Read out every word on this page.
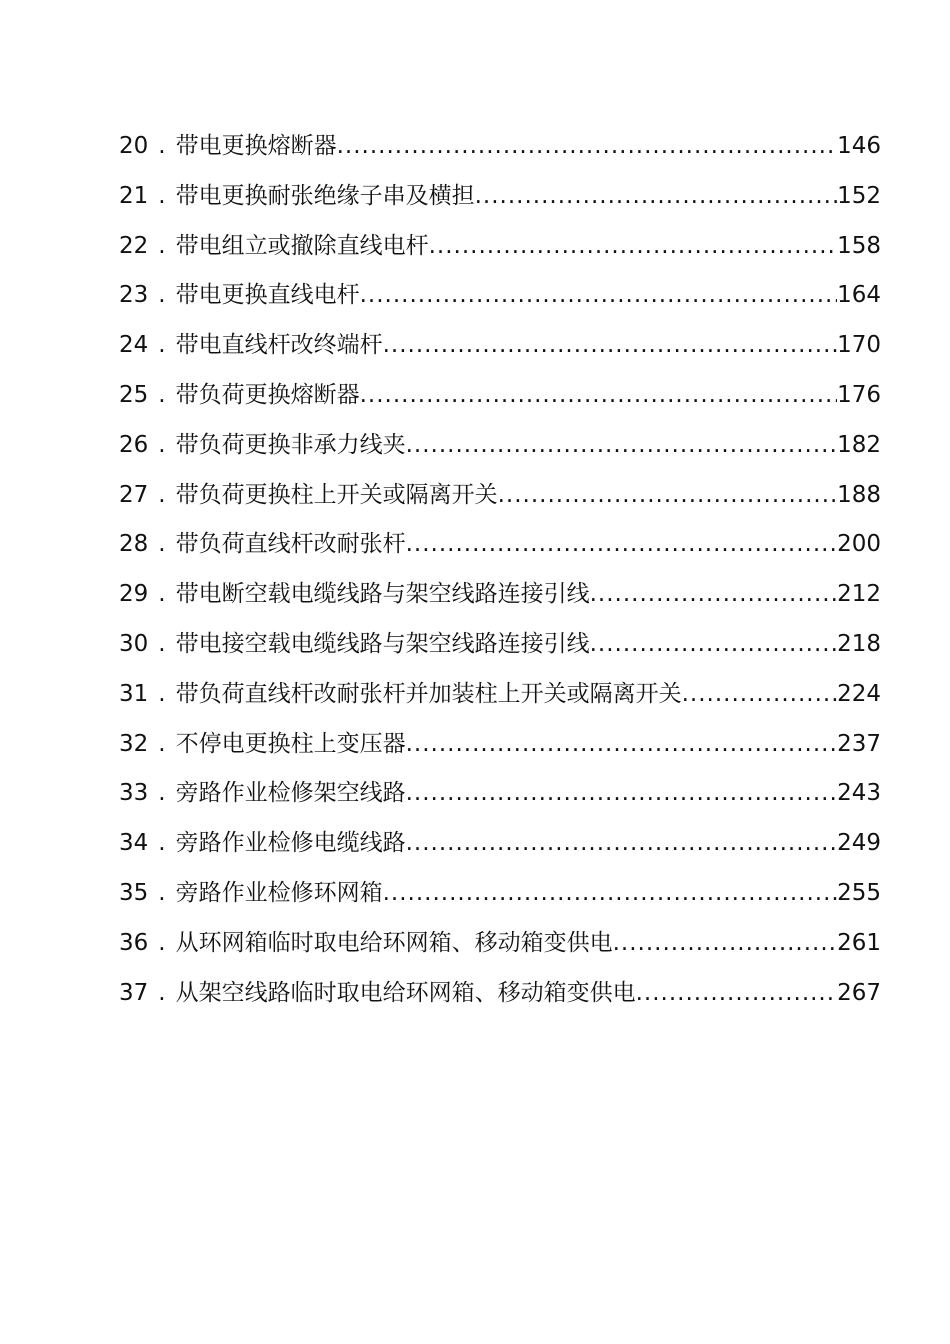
20 . 带电更换熔断器 .....	146
21 . 带电更换耐张绝缘子串及横担 .....	152
22 . 带电组立或撤除直线电杆 .....	158
23 . 带电更换直线电杆 .....	164
24 . 带电直线杆改终端杆 .....	170
25 . 带负荷更换熔断器 .....	176
26 . 带负荷更换非承力线夹 .....	182
27 . 带负荷更换柱上开关或隔离开关 .....	188
28 . 带负荷直线杆改耐张杆 .....	200
29 . 带电断空载电缆线路与架空线路连接引线 .....	212
30 . 带电接空载电缆线路与架空线路连接引线 .....	218
31 . 带负荷直线杆改耐张杆并加装柱上开关或隔离开关 .....	224
32 . 不停电更换柱上变压器 .....	237
33 . 旁路作业检修架空线路 .....	243
34 . 旁路作业检修电缆线路 .....	249
35 . 旁路作业检修环网箱 .....	255
36 . 从环网箱临时取电给环网箱、移动箱变供电 .....	261
37 . 从架空线路临时取电给环网箱、移动箱变供电 .....	267
